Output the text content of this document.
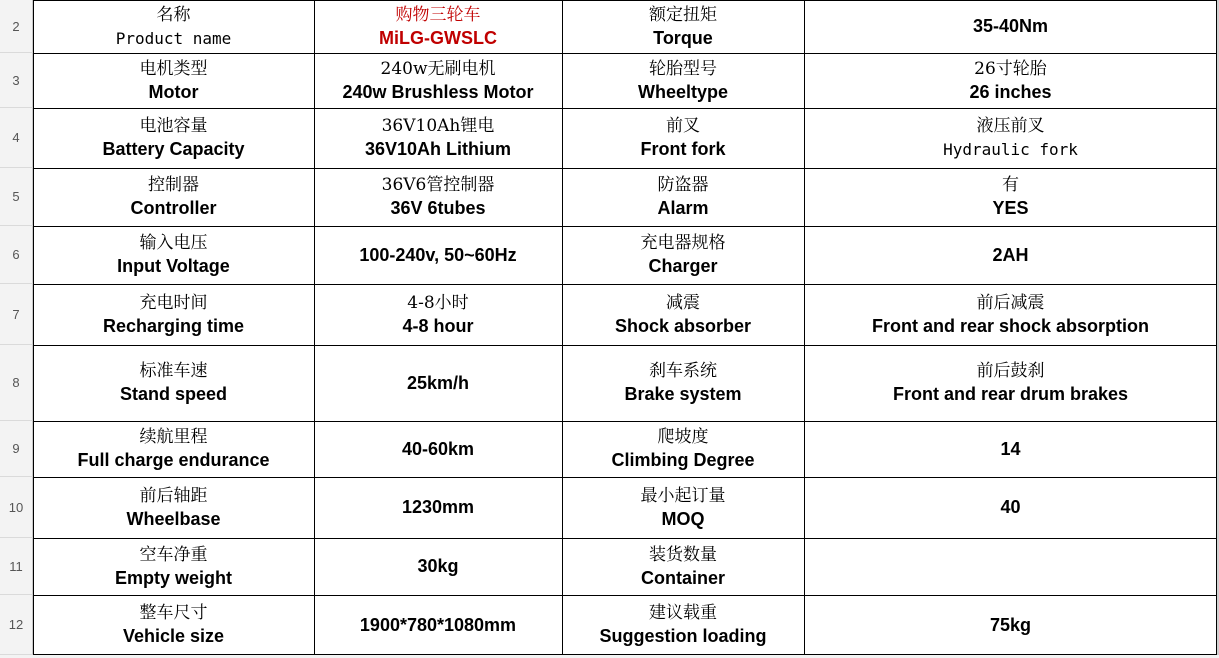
2
名称
Product name
购物三轮车
MiLG-GWSLC
额定扭矩
Torque
35-40Nm
3
电机类型
Motor
240w无刷电机
240w Brushless Motor
轮胎型号
Wheeltype
26寸轮胎
26 inches
4
电池容量
Battery Capacity
36V10Ah锂电
36V10Ah Lithium
前叉
Front fork
液压前叉
Hydraulic fork
5
控制器
Controller
36V6管控制器
36V 6tubes
防盗器
Alarm
有
YES
6
输入电压
Input Voltage
100-240v, 50~60Hz
充电器规格
Charger
2AH
7
充电时间
Recharging time
4-8小时
4-8 hour
减震
Shock absorber
前后减震
Front and rear shock absorption
8
标准车速
Stand speed
25km/h
刹车系统
Brake system
前后鼓刹
Front and rear drum brakes
9
续航里程
Full charge endurance
40-60km
爬坡度
Climbing Degree
14
10
前后轴距
Wheelbase
1230mm
最小起订量
MOQ
40
11
空车净重
Empty weight
30kg
装货数量
Container
12
整车尺寸
Vehicle size
1900*780*1080mm
建议载重
Suggestion loading
75kg
